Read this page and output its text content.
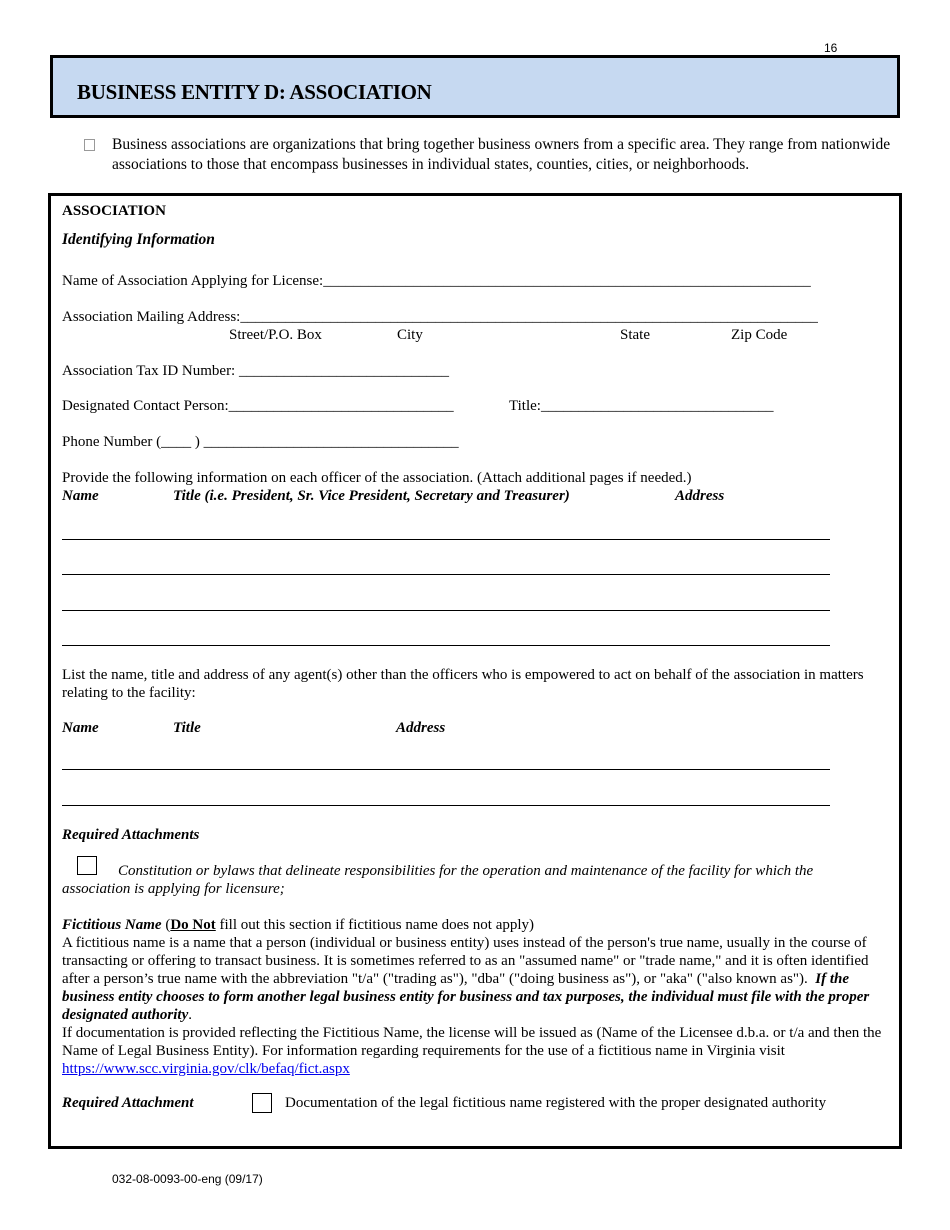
16
BUSINESS ENTITY D: ASSOCIATION
Business associations are organizations that bring together business owners from a specific area. They range from nationwide associations to those that encompass businesses in individual states, counties, cities, or neighborhoods.
ASSOCIATION
Identifying Information
Name of Association Applying for License:_________________________________________________________________
Association Mailing Address:_____________________________________________________________________________
Street/P.O. Box	City	State	Zip Code
Association Tax ID Number: ____________________________
Designated Contact Person:______________________________	Title:_______________________________
Phone Number (____ ) __________________________________
Provide the following information on each officer of the association. (Attach additional pages if needed.)
Name	Title (i.e. President, Sr. Vice President, Secretary and Treasurer)	Address
List the name, title and address of any agent(s) other than the officers who is empowered to act on behalf of the association in matters relating to the facility:
Name	Title	Address
Required Attachments
Constitution or bylaws that delineate responsibilities for the operation and maintenance of the facility for which the association is applying for licensure;
Fictitious Name (Do Not fill out this section if fictitious name does not apply)
A fictitious name is a name that a person (individual or business entity) uses instead of the person's true name, usually in the course of transacting or offering to transact business. It is sometimes referred to as an "assumed name" or "trade name," and it is often identified after a person’s true name with the abbreviation "t/a" ("trading as"), "dba" ("doing business as"), or "aka" ("also known as"). If the business entity chooses to form another legal business entity for business and tax purposes, the individual must file with the proper designated authority.
If documentation is provided reflecting the Fictitious Name, the license will be issued as (Name of the Licensee d.b.a. or t/a and then the Name of Legal Business Entity). For information regarding requirements for the use of a fictitious name in Virginia visit
https://www.scc.virginia.gov/clk/befaq/fict.aspx
Required Attachment	Documentation of the legal fictitious name registered with the proper designated authority
032-08-0093-00-eng (09/17)
